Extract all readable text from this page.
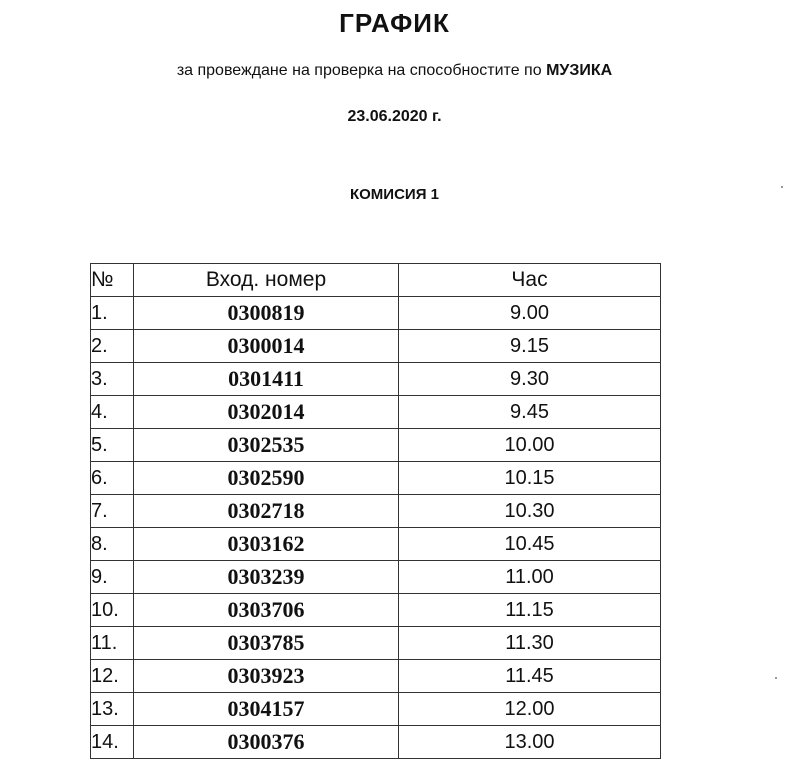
ГРАФИК
за провеждане на проверка на способностите по МУЗИКА
23.06.2020 г.
КОМИСИЯ 1
№	Вход. номер	Час
1.	0300819	9.00
2.	0300014	9.15
3.	0301411	9.30
4.	0302014	9.45
5.	0302535	10.00
6.	0302590	10.15
7.	0302718	10.30
8.	0303162	10.45
9.	0303239	11.00
10.	0303706	11.15
11.	0303785	11.30
12.	0303923	11.45
13.	0304157	12.00
14.	0300376	13.00
